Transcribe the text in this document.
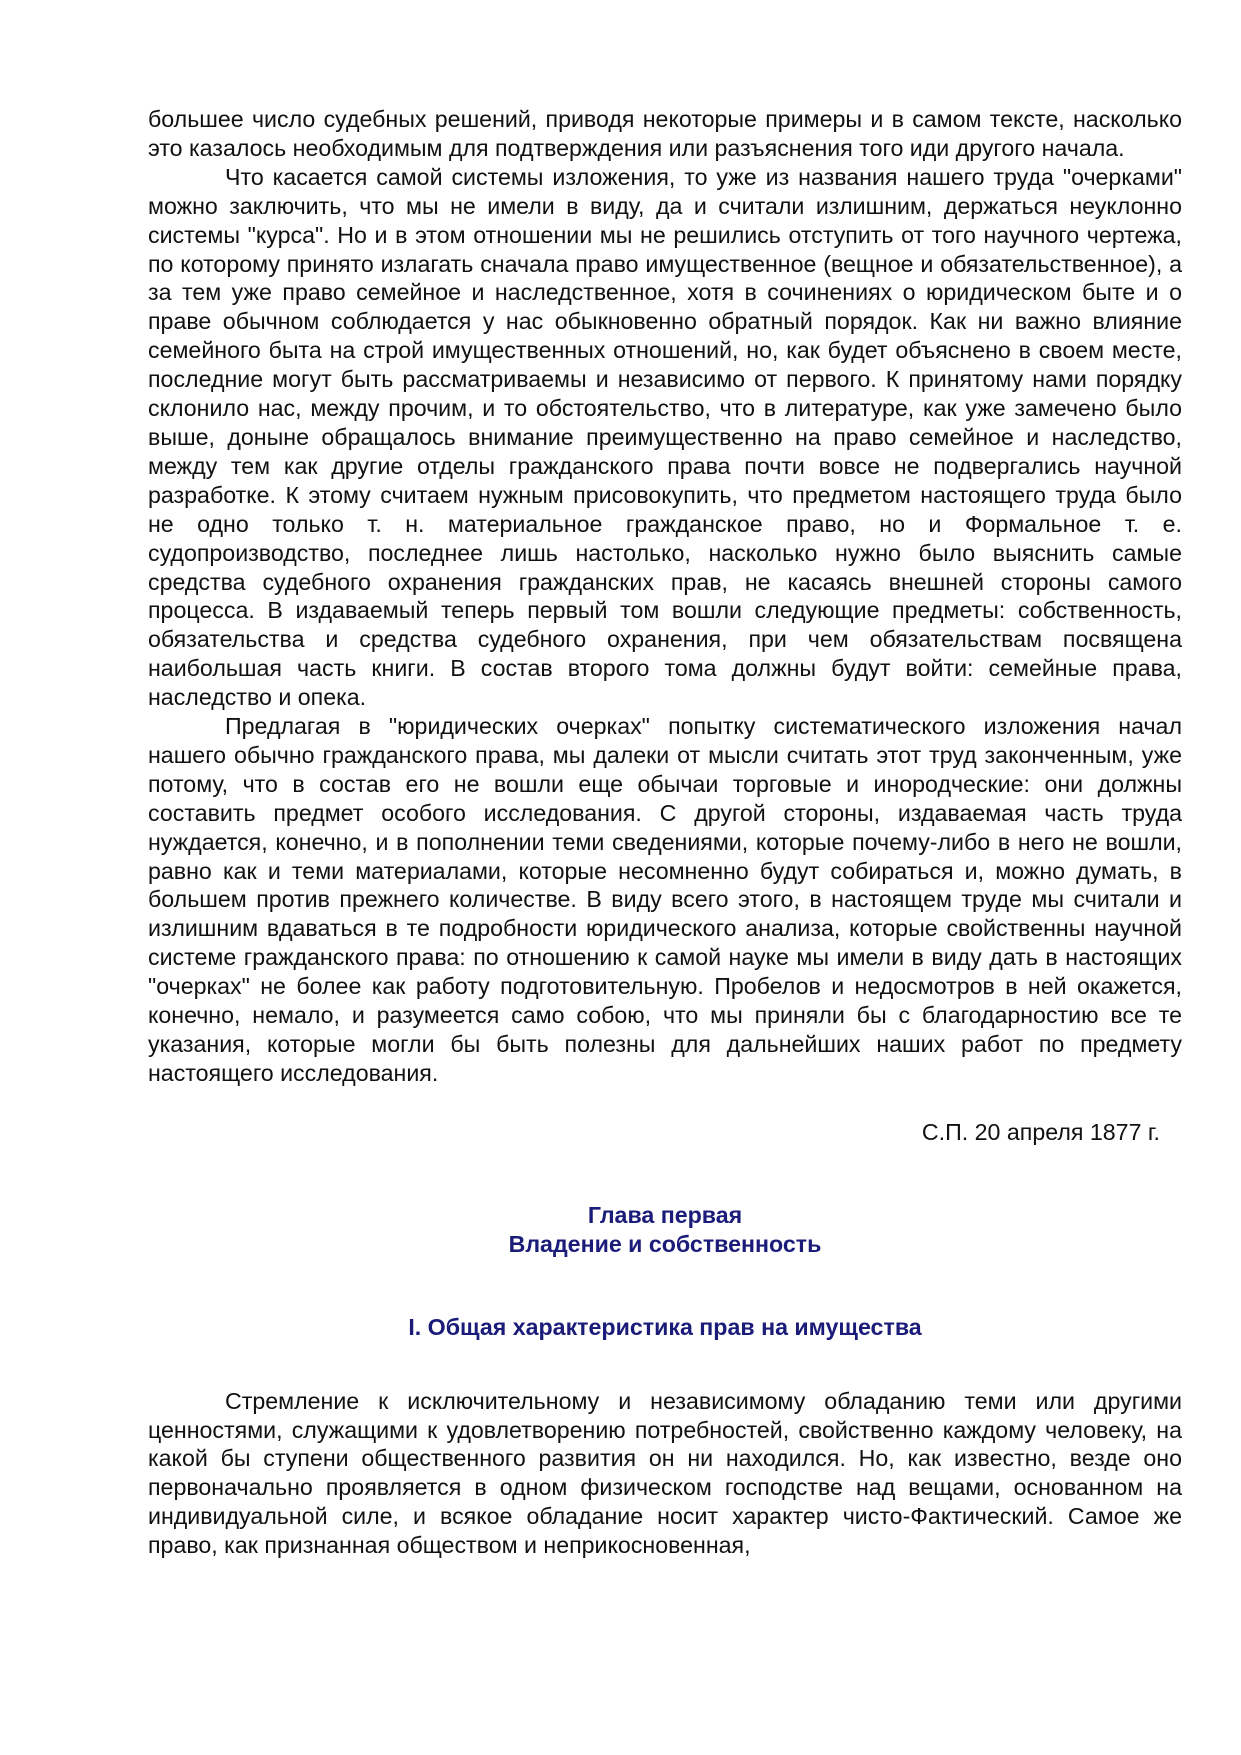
большее число судебных решений, приводя некоторые примеры и в самом тексте, насколько это казалось необходимым для подтверждения или разъяснения того иди другого начала.

Что касается самой системы изложения, то уже из названия нашего труда "очерками" можно заключить, что мы не имели в виду, да и считали излишним, держаться неуклонно системы "курса". Но и в этом отношении мы не решились отступить от того научного чертежа, по которому принято излагать сначала право имущественное (вещное и обязательственное), а за тем уже право семейное и наследственное, хотя в сочинениях о юридическом быте и о праве обычном соблюдается у нас обыкновенно обратный порядок. Как ни важно влияние семейного быта на строй имущественных отношений, но, как будет объяснено в своем месте, последние могут быть рассматриваемы и независимо от первого. К принятому нами порядку склонило нас, между прочим, и то обстоятельство, что в литературе, как уже замечено было выше, доныне обращалось внимание преимущественно на право семейное и наследство, между тем как другие отделы гражданского права почти вовсе не подвергались научной разработке. К этому считаем нужным присовокупить, что предметом настоящего труда было не одно только т. н. материальное гражданское право, но и Формальное т. е. судопроизводство, последнее лишь настолько, насколько нужно было выяснить самые средства судебного охранения гражданских прав, не касаясь внешней стороны самого процесса. В издаваемый теперь первый том вошли следующие предметы: собственность, обязательства и средства судебного охранения, при чем обязательствам посвящена наибольшая часть книги. В состав второго тома должны будут войти: семейные права, наследство и опека.

Предлагая в "юридических очерках" попытку систематического изложения начал нашего обычно гражданского права, мы далеки от мысли считать этот труд законченным, уже потому, что в состав его не вошли еще обычаи торговые и инородческие: они должны составить предмет особого исследования. С другой стороны, издаваемая часть труда нуждается, конечно, и в пополнении теми сведениями, которые почему-либо в него не вошли, равно как и теми материалами, которые несомненно будут собираться и, можно думать, в большем против прежнего количестве. В виду всего этого, в настоящем труде мы считали и излишним вдаваться в те подробности юридического анализа, которые свойственны научной системе гражданского права: по отношению к самой науке мы имели в виду дать в настоящих "очерках" не более как работу подготовительную. Пробелов и недосмотров в ней окажется, конечно, немало, и разумеется само собою, что мы приняли бы с благодарностию все те указания, которые могли бы быть полезны для дальнейших наших работ по предмету настоящего исследования.

С.П. 20 апреля 1877 г.
Глава первая
Владение и собственность
I. Общая характеристика прав на имущества

Стремление к исключительному и независимому обладанию теми или другими ценностями, служащими к удовлетворению потребностей, свойственно каждому человеку, на какой бы ступени общественного развития он ни находился. Но, как известно, везде оно первоначально проявляется в одном физическом господстве над вещами, основанном на индивидуальной силе, и всякое обладание носит характер чисто-Фактический. Самое же право, как признанная обществом и неприкосновенная,
